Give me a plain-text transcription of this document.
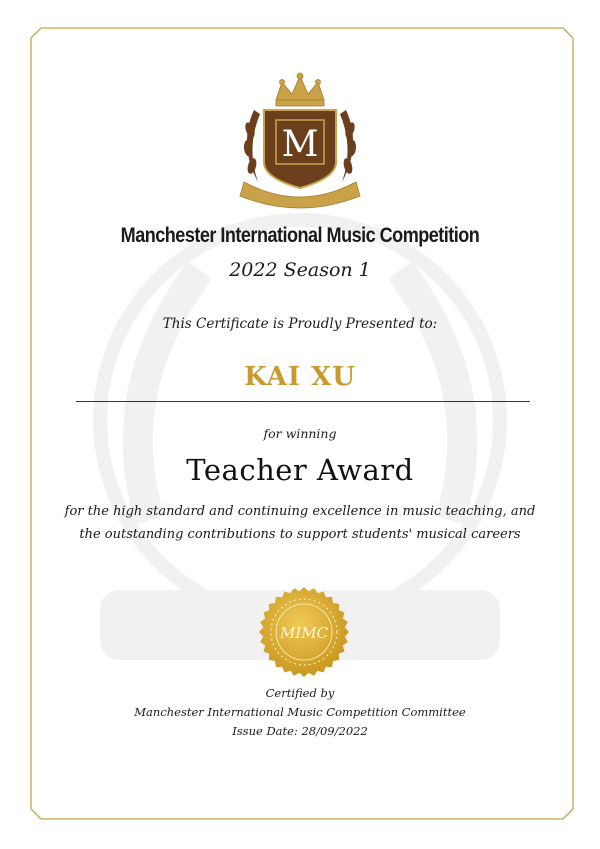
M
Manchester International Music Competition
2022 Season 1
This Certificate is Proudly Presented to:
KAI XU
for winning
Teacher Award
for the high standard and continuing excellence in music teaching, and
the outstanding contributions to support students' musical careers
MIMC
Certified by
Manchester International Music Competition Committee
Issue Date: 28/09/2022
